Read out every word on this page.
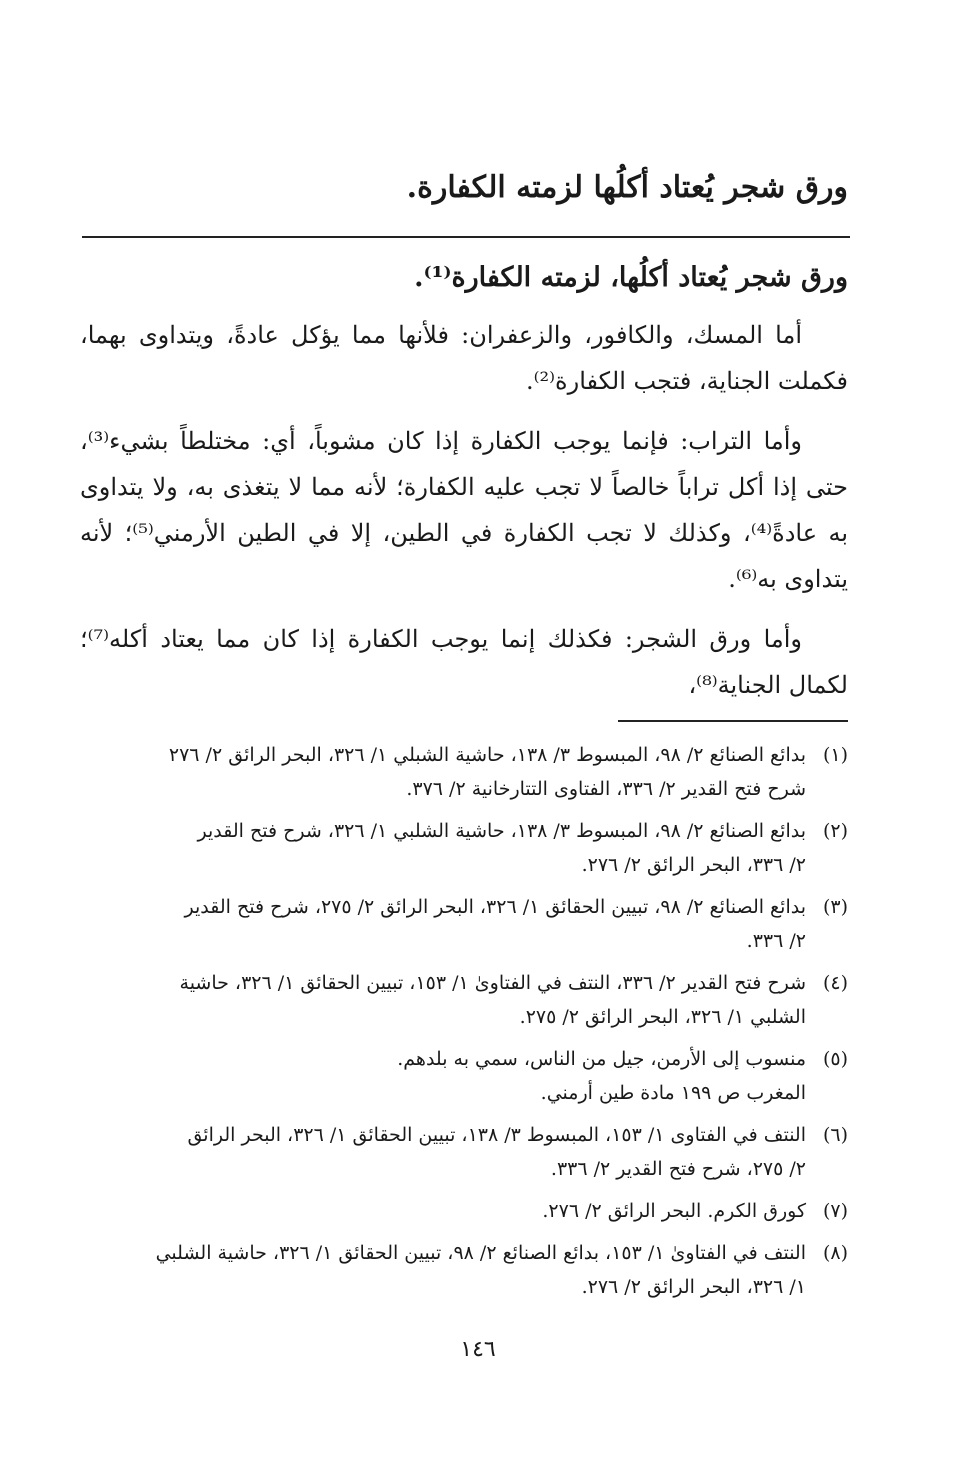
ورق شجر يُعتاد أكلُها لزمته الكفارة.
ورق شجر يُعتاد أكلُها، لزمته الكفارة⁽¹⁾.

أما المسك، والكافور، والزعفران: فلأنها مما يؤكل عادةً، ويتداوى بهما، فكملت الجناية، فتجب الكفارة⁽²⁾.

وأما التراب: فإنما يوجب الكفارة إذا كان مشوباً، أي: مختلطاً بشيء⁽³⁾، حتى إذا أكل تراباً خالصاً لا تجب عليه الكفارة؛ لأنه مما لا يتغذى به، ولا يتداوى به عادةً⁽⁴⁾، وكذلك لا تجب الكفارة في الطين، إلا في الطين الأرمني⁽⁵⁾؛ لأنه يتداوى به⁽⁶⁾.

وأما ورق الشجر: فكذلك إنما يوجب الكفارة إذا كان مما يعتاد أكله⁽⁷⁾؛ لكمال الجناية⁽⁸⁾،

(١)
بدائع الصنائع ٢/ ٩٨، المبسوط ٣/ ١٣٨، حاشية الشبلي ١/ ٣٢٦، البحر الرائق ٢/ ٢٧٦
شرح فتح القدير ٢/ ٣٣٦، الفتاوى التتارخانية ٢/ ٣٧٦.
(٢)
بدائع الصنائع ٢/ ٩٨، المبسوط ٣/ ١٣٨، حاشية الشلبي ١/ ٣٢٦، شرح فتح القدير
٢/ ٣٣٦، البحر الرائق ٢/ ٢٧٦.
(٣)
بدائع الصنائع ٢/ ٩٨، تبيين الحقائق ١/ ٣٢٦، البحر الرائق ٢/ ٢٧٥، شرح فتح القدير
٢/ ٣٣٦.
(٤)
شرح فتح القدير ٢/ ٣٣٦، النتف في الفتاوىٰ ١/ ١٥٣، تبيين الحقائق ١/ ٣٢٦، حاشية
الشلبي ١/ ٣٢٦، البحر الرائق ٢/ ٢٧٥.
(٥)
منسوب إلى الأرمن، جيل من الناس، سمي به بلدهم.
المغرب ص ١٩٩ مادة طين أرمني.
(٦)
النتف في الفتاوى ١/ ١٥٣، المبسوط ٣/ ١٣٨، تبيين الحقائق ١/ ٣٢٦، البحر الرائق
٢/ ٢٧٥، شرح فتح القدير ٢/ ٣٣٦.
(٧)
كورق الكرم. البحر الرائق ٢/ ٢٧٦.
(٨)
النتف في الفتاوىٰ ١/ ١٥٣، بدائع الصنائع ٢/ ٩٨، تبيين الحقائق ١/ ٣٢٦، حاشية الشلبي
١/ ٣٢٦، البحر الرائق ٢/ ٢٧٦.
١٤٦
